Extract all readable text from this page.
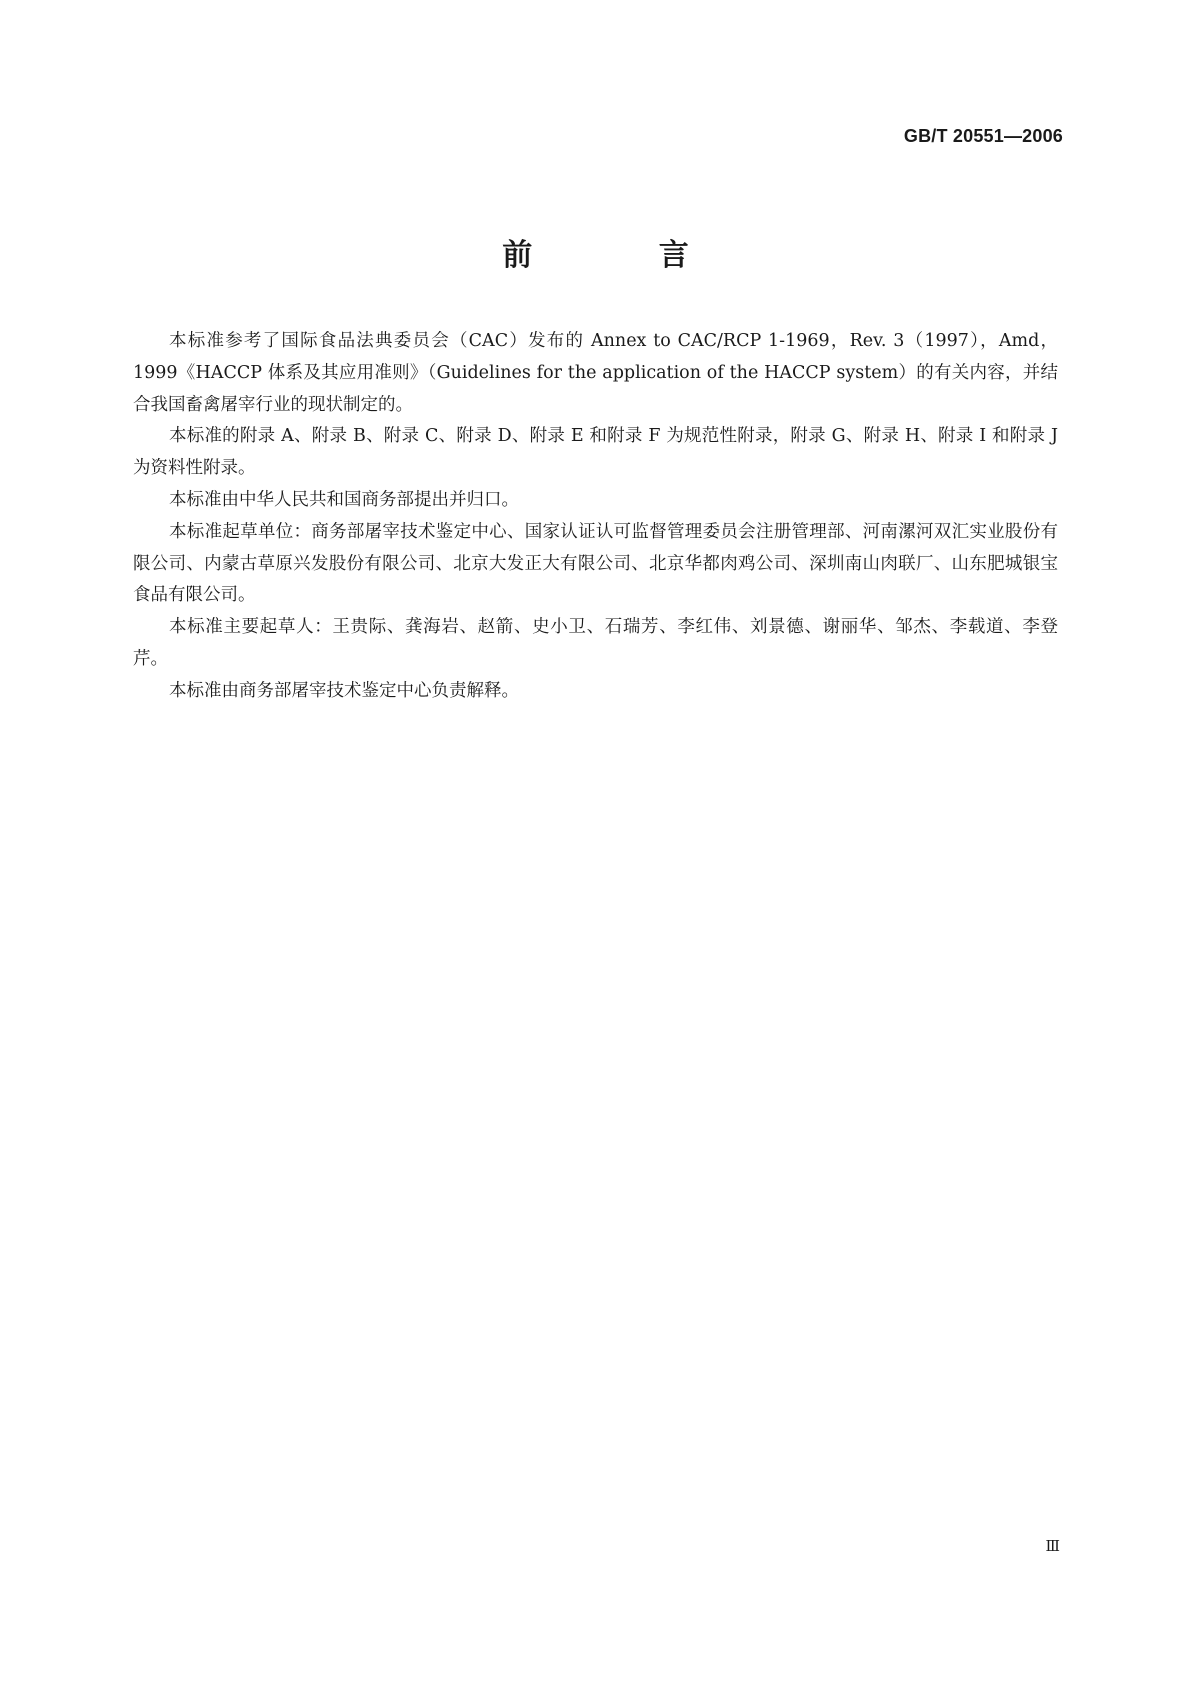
GB/T 20551—2006
前 言

本标准参考了国际食品法典委员会（CAC）发布的 Annex to CAC/RCP 1-1969，Rev. 3（1997），Amd，1999《HACCP 体系及其应用准则》（Guidelines for the application of the HACCP system）的有关内容，并结合我国畜禽屠宰行业的现状制定的。

本标准的附录 A、附录 B、附录 C、附录 D、附录 E 和附录 F 为规范性附录，附录 G、附录 H、附录 I 和附录 J 为资料性附录。

本标准由中华人民共和国商务部提出并归口。

本标准起草单位：商务部屠宰技术鉴定中心、国家认证认可监督管理委员会注册管理部、河南漯河双汇实业股份有限公司、内蒙古草原兴发股份有限公司、北京大发正大有限公司、北京华都肉鸡公司、深圳南山肉联厂、山东肥城银宝食品有限公司。

本标准主要起草人：王贵际、龚海岩、赵箭、史小卫、石瑞芳、李红伟、刘景德、谢丽华、邹杰、李载道、李登芹。

本标准由商务部屠宰技术鉴定中心负责解释。

Ⅲ
